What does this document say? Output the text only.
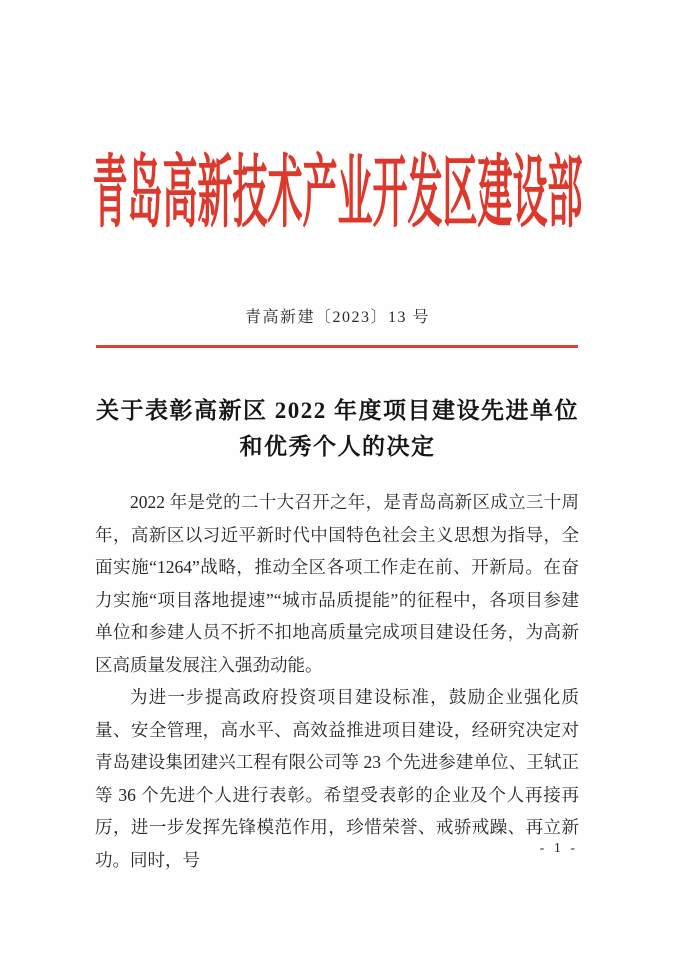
青岛高新技术产业开发区建设部
青高新建〔2023〕13 号
关于表彰高新区 2022 年度项目建设先进单位
和优秀个人的决定

2022 年是党的二十大召开之年，是青岛高新区成立三十周年，高新区以习近平新时代中国特色社会主义思想为指导，全面实施“1264”战略，推动全区各项工作走在前、开新局。在奋力实施“项目落地提速”“城市品质提能”的征程中，各项目参建单位和参建人员不折不扣地高质量完成项目建设任务，为高新区高质量发展注入强劲动能。

为进一步提高政府投资项目建设标准，鼓励企业强化质量、安全管理，高水平、高效益推进项目建设，经研究决定对青岛建设集团建兴工程有限公司等 23 个先进参建单位、王轼正等 36 个先进个人进行表彰。希望受表彰的企业及个人再接再厉，进一步发挥先锋模范作用，珍惜荣誉、戒骄戒躁、再立新功。同时，号

- 1 -
